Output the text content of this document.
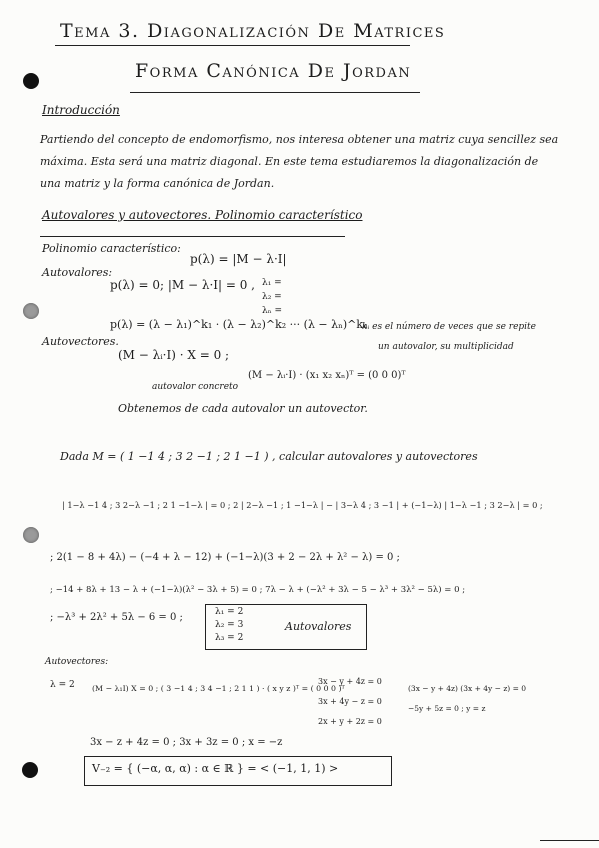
Tema 3. Diagonalización De Matrices
Forma Canónica De Jordan
Introducción
Partiendo del concepto de endomorfismo, nos interesa obtener una matriz cuya sencillez sea
máxima. Esta será una matriz diagonal. En este tema estudiaremos la diagonalización de
una matriz y la forma canónica de Jordan.
Autovalores y autovectores. Polinomio característico
Polinomio característico:
p(λ) = |M − λ·I|
Autovalores:
p(λ) = 0; |M − λ·I| = 0 , λ₁ =
λ₂ =
λₙ =
p(λ) = (λ − λ₁)^k₁ · (λ − λ₂)^k₂ ··· (λ − λₙ)^kₙ
kᵢ es el número de veces que se repite
un autovalor, su multiplicidad
Autovectores.
(M − λᵢ·I) · X = 0 ;
(M − λᵢ·I) · (x₁ x₂ xₙ)ᵀ = (0 0 0)ᵀ
autovalor concreto
Obtenemos de cada autovalor un autovector.
Dada M = ( 1 −1 4 ; 3 2 −1 ; 2 1 −1 ) , calcular autovalores y autovectores
| 1−λ −1 4 ; 3 2−λ −1 ; 2 1 −1−λ | = 0 ; 2 | 2−λ −1 ; 1 −1−λ | − | 3−λ 4 ; 3 −1 | + (−1−λ) | 1−λ −1 ; 3 2−λ | = 0 ;
; 2(1 − 8 + 4λ) − (−4 + λ − 12) + (−1−λ)(3 + 2 − 2λ + λ² − λ) = 0 ;
; −14 + 8λ + 13 − λ + (−1−λ)(λ² − 3λ + 5) = 0 ; 7λ − λ + (−λ² + 3λ − 5 − λ³ + 3λ² − 5λ) = 0 ;
; −λ³ + 2λ² + 5λ − 6 = 0 ;	λ₁ = 2
λ₂ = 3
λ₃ = 2
Autovalores
Autovectores:
λ = 2 (M − λ₁I) X = 0 ; ( 3 −1 4 ; 3 4 −1 ; 2 1 1 ) · ( x y z )ᵀ = ( 0 0 0 )ᵀ
3x − y + 4z = 0
3x + 4y − z = 0
2x + y + 2z = 0
(3x − y + 4z) (3x + 4y − z) = 0
−5y + 5z = 0 ; y = z
3x − z + 4z = 0 ; 3x + 3z = 0 ; x = −z
V₋₂ = { (−α, α, α) : α ∈ ℝ } = < (−1, 1, 1) >
